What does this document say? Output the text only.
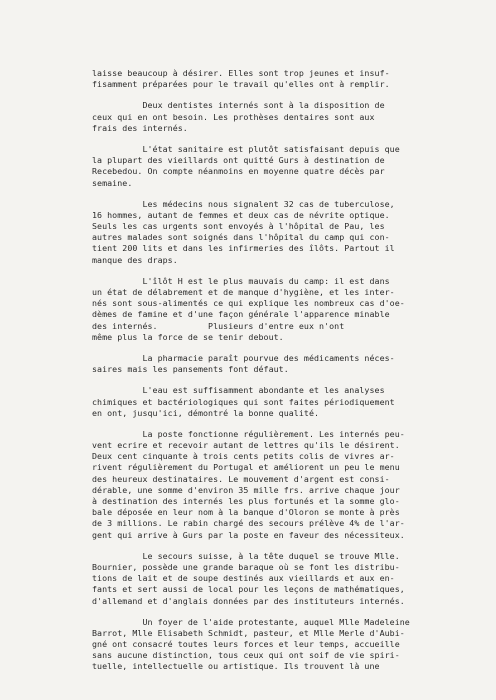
laisse beaucoup à désirer. Elles sont trop jeunes et insuf-
fisamment préparées pour le travail qu'elles ont à remplir.
Deux dentistes internés sont à la disposition de
ceux qui en ont besoin. Les prothèses dentaires sont aux
frais des internés.
L'état sanitaire est plutôt satisfaisant depuis que
la plupart des vieillards ont quitté Gurs à destination de
Recebedou. On compte néanmoins en moyenne quatre décès par
semaine.
Les médecins nous signalent 32 cas de tuberculose,
16 hommes, autant de femmes et deux cas de névrite optique.
Seuls les cas urgents sont envoyés à l'hôpital de Pau, les
autres malades sont soignés dans l'hôpital du camp qui con-
tient 200 lits et dans les infirmeries des îlôts. Partout il
manque des draps.
L'îlôt H est le plus mauvais du camp: il est dans
un état de délabrement et de manque d'hygiène, et les inter-
nés sont sous-alimentés ce qui explique les nombreux cas d'oe-
dèmes de famine et d'une façon générale l'apparence minable
des internés.          Plusieurs d'entre eux n'ont
même plus la force de se tenir debout.
La pharmacie paraît pourvue des médicaments néces-
saires mais les pansements font défaut.
L'eau est suffisamment abondante et les analyses
chimiques et bactériologiques qui sont faites périodiquement
en ont, jusqu'ici, démontré la bonne qualité.
La poste fonctionne régulièrement. Les internés peu-
vent ecrire et recevoir autant de lettres qu'ils le désirent.
Deux cent cinquante à trois cents petits colis de vivres ar-
rivent régulièrement du Portugal et améliorent un peu le menu
des heureux destinataires. Le mouvement d'argent est consi-
dérable, une somme d'environ 35 mille frs. arrive chaque jour
à destination des internés les plus fortunés et la somme glo-
bale déposée en leur nom à la banque d'Oloron se monte à près
de 3 millions. Le rabin chargé des secours prélève 4% de l'ar-
gent qui arrive à Gurs par la poste en faveur des nécessiteux.
Le secours suisse, à la tête duquel se trouve Mlle.
Bournier, possède une grande baraque où se font les distribu-
tions de lait et de soupe destinés aux vieillards et aux en-
fants et sert aussi de local pour les leçons de mathématiques,
d'allemand et d'anglais données par des instituteurs internés.
Un foyer de l'aide protestante, auquel Mlle Madeleine
Barrot, Mlle Elisabeth Schmidt, pasteur, et Mlle Merle d'Aubi-
gné ont consacré toutes leurs forces et leur temps, accueille
sans aucune distinction, tous ceux qui ont soif de vie spiri-
tuelle, intellectuelle ou artistique. Ils trouvent là une
